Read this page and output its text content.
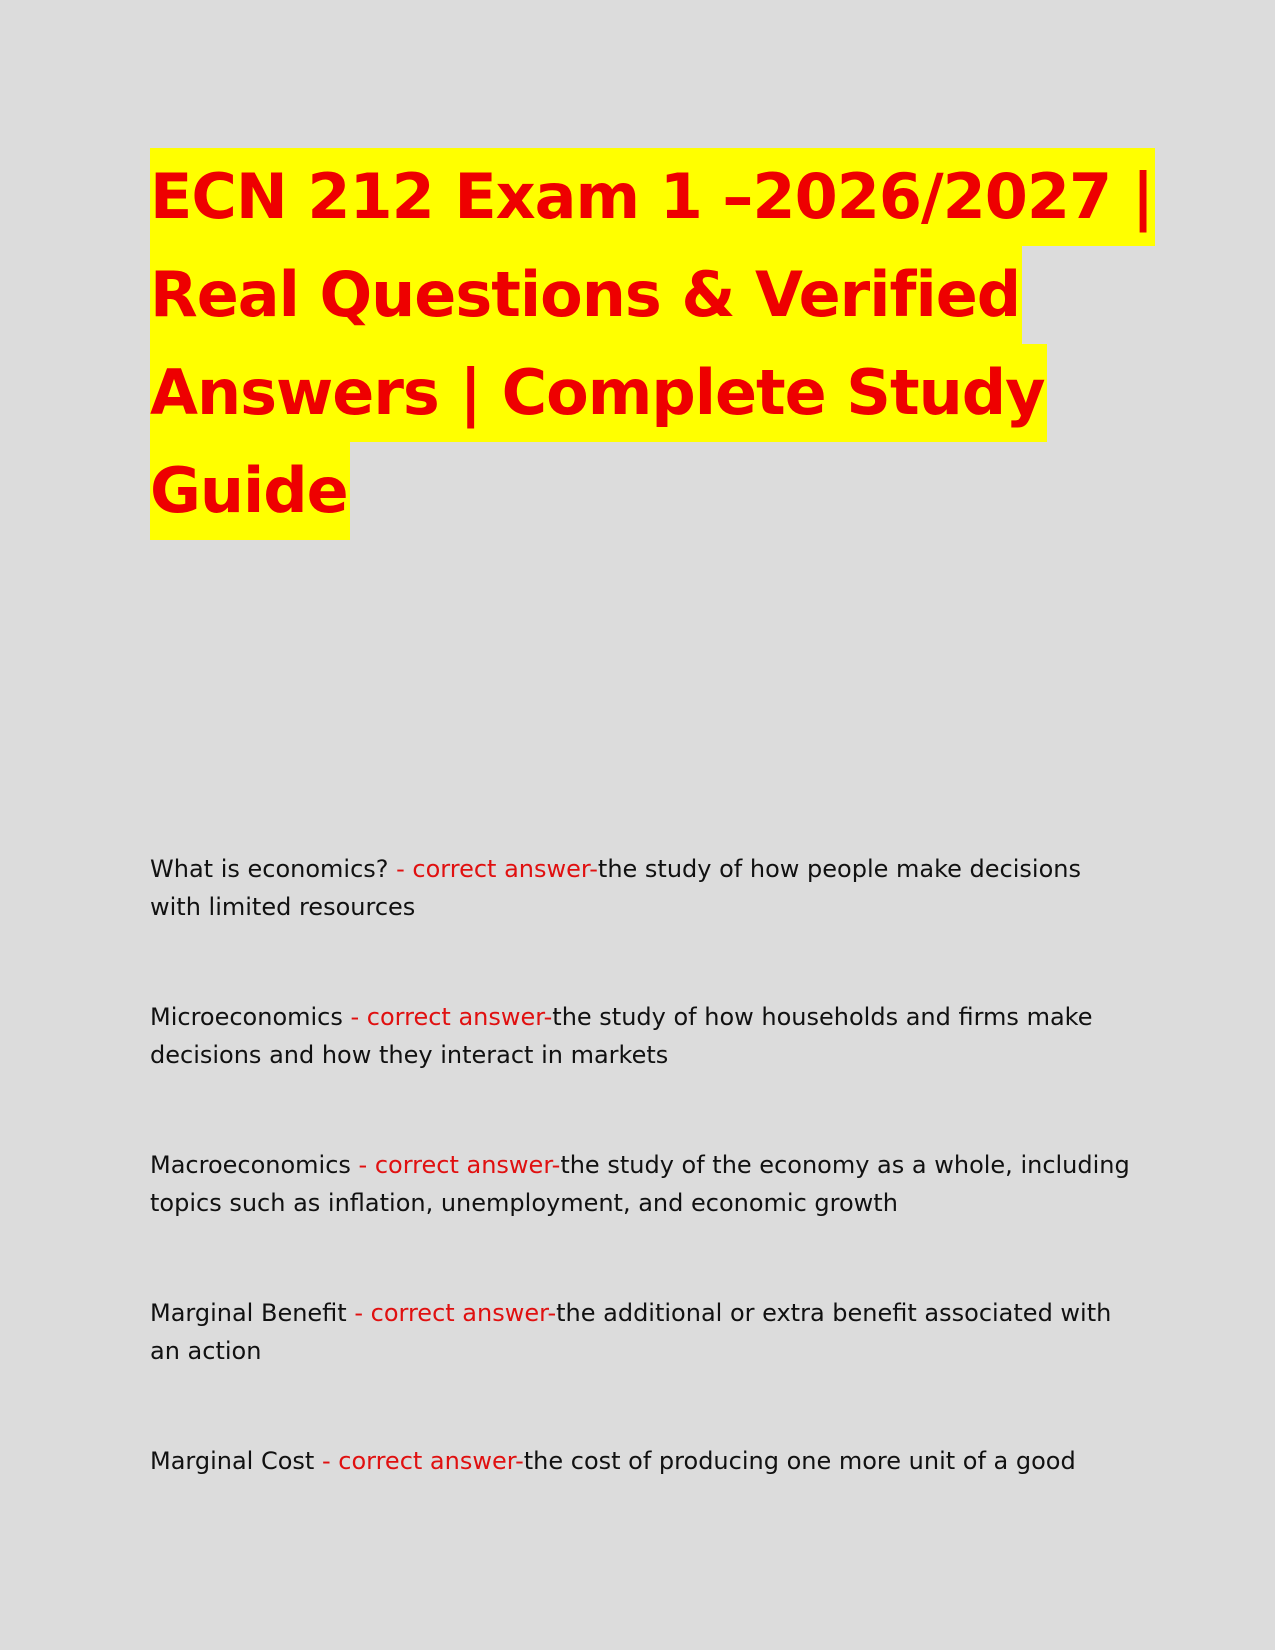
ECN 212 Exam 1 –2026/2027 |
Real Questions & Verified
Answers | Complete Study
Guide

What is economics? - correct answer-the study of how people make decisions with limited resources

Microeconomics - correct answer-the study of how households and firms make decisions and how they interact in markets

Macroeconomics - correct answer-the study of the economy as a whole, including topics such as inflation, unemployment, and economic growth

Marginal Benefit - correct answer-the additional or extra benefit associated with an action

Marginal Cost - correct answer-the cost of producing one more unit of a good
